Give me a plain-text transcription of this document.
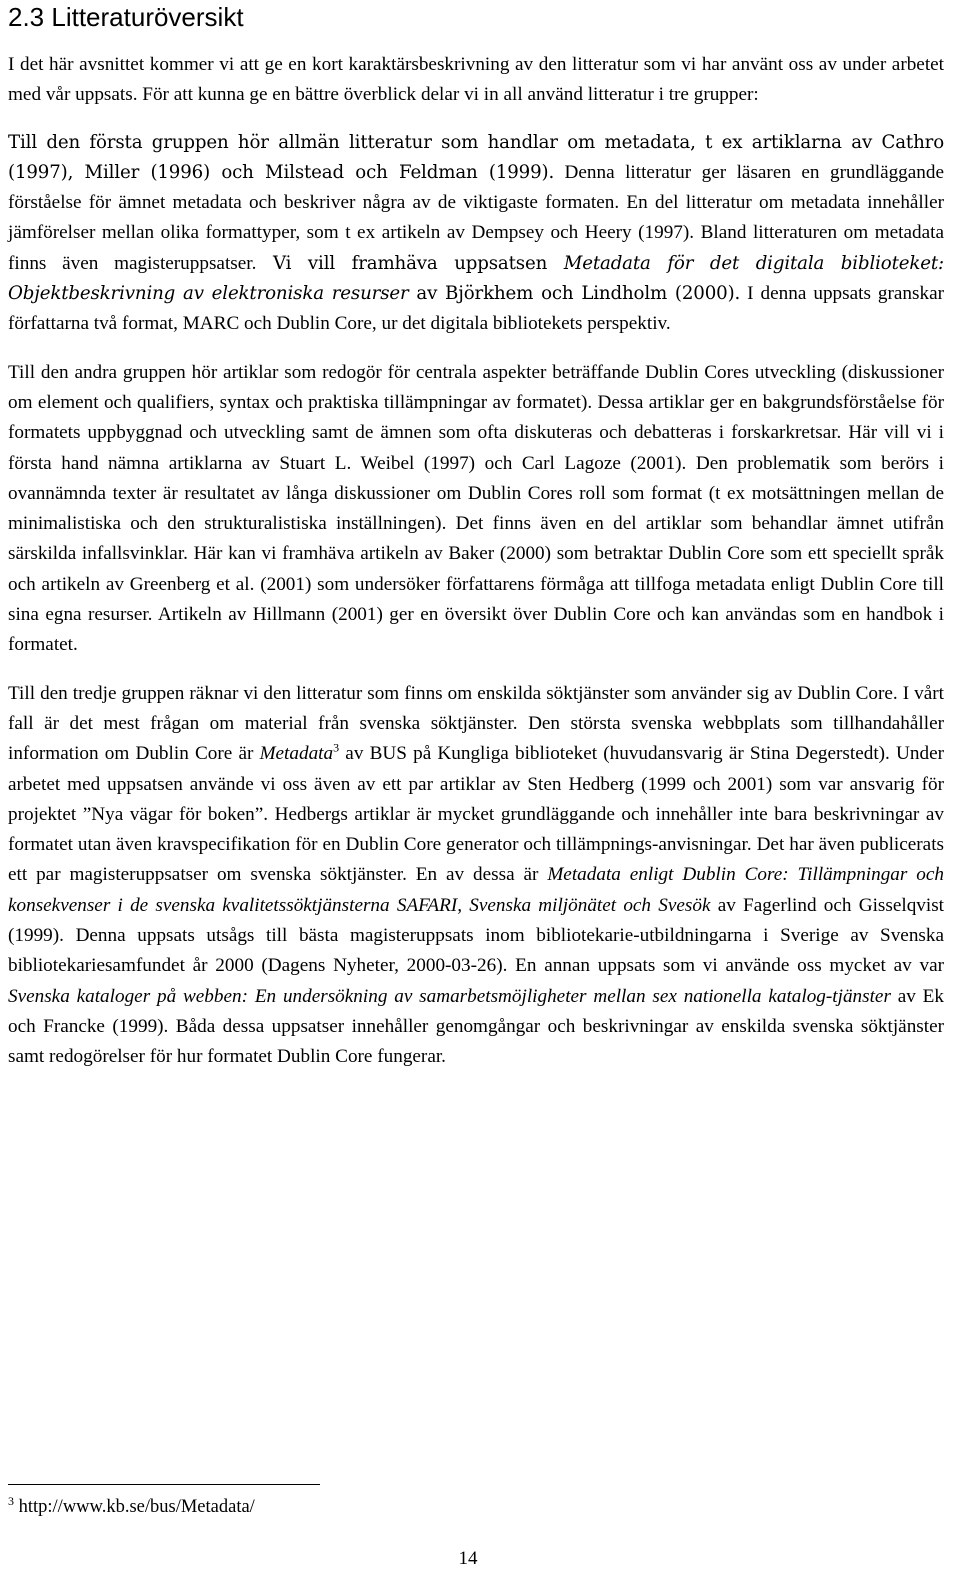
2.3 Litteraturöversikt

I det här avsnittet kommer vi att ge en kort karaktärsbeskrivning av den litteratur som vi har använt oss av under arbetet med vår uppsats. För att kunna ge en bättre överblick delar vi in all använd litteratur i tre grupper:

Till den första gruppen hör allmän litteratur som handlar om metadata, t ex artiklarna av Cathro (1997), Miller (1996) och Milstead och Feldman (1999). Denna litteratur ger läsaren en grundläggande förståelse för ämnet metadata och beskriver några av de viktigaste formaten. En del litteratur om metadata innehåller jämförelser mellan olika formattyper, som t ex artikeln av Dempsey och Heery (1997). Bland litteraturen om metadata finns även magisteruppsatser. Vi vill framhäva uppsatsen Metadata för det digitala biblioteket: Objektbeskrivning av elektroniska resurser av Björkhem och Lindholm (2000). I denna uppsats granskar författarna två format, MARC och Dublin Core, ur det digitala bibliotekets perspektiv.

Till den andra gruppen hör artiklar som redogör för centrala aspekter beträffande Dublin Cores utveckling (diskussioner om element och qualifiers, syntax och praktiska tillämpningar av formatet). Dessa artiklar ger en bakgrundsförståelse för formatets uppbyggnad och utveckling samt de ämnen som ofta diskuteras och debatteras i forskarkretsar. Här vill vi i första hand nämna artiklarna av Stuart L. Weibel (1997) och Carl Lagoze (2001). Den problematik som berörs i ovannämnda texter är resultatet av långa diskussioner om Dublin Cores roll som format (t ex motsättningen mellan de minimalistiska och den strukturalistiska inställningen). Det finns även en del artiklar som behandlar ämnet utifrån särskilda infallsvinklar. Här kan vi framhäva artikeln av Baker (2000) som betraktar Dublin Core som ett speciellt språk och artikeln av Greenberg et al. (2001) som undersöker författarens förmåga att tillfoga metadata enligt Dublin Core till sina egna resurser. Artikeln av Hillmann (2001) ger en översikt över Dublin Core och kan användas som en handbok i formatet.

Till den tredje gruppen räknar vi den litteratur som finns om enskilda söktjänster som använder sig av Dublin Core. I vårt fall är det mest frågan om material från svenska söktjänster. Den största svenska webbplats som tillhandahåller information om Dublin Core är Metadata$^3$ av BUS på Kungliga biblioteket (huvudansvarig är Stina Degerstedt). Under arbetet med uppsatsen använde vi oss även av ett par artiklar av Sten Hedberg (1999 och 2001) som var ansvarig för projektet ”Nya vägar för boken”. Hedbergs artiklar är mycket grundläggande och innehåller inte bara beskrivningar av formatet utan även kravspecifikation för en Dublin Core generator och tillämpnings-anvisningar. Det har även publicerats ett par magisteruppsatser om svenska söktjänster. En av dessa är Metadata enligt Dublin Core: Tillämpningar och konsekvenser i de svenska kvalitetssöktjänsterna SAFARI, Svenska miljönätet och Svesök av Fagerlind och Gisselqvist (1999). Denna uppsats utsågs till bästa magisteruppsats inom bibliotekarie-utbildningarna i Sverige av Svenska bibliotekariesamfundet år 2000 (Dagens Nyheter, 2000-03-26). En annan uppsats som vi använde oss mycket av var Svenska kataloger på webben: En undersökning av samarbetsmöjligheter mellan sex nationella katalog-tjänster av Ek och Francke (1999). Båda dessa uppsatser innehåller genomgångar och beskrivningar av enskilda svenska söktjänster samt redogörelser för hur formatet Dublin Core fungerar.

$^3$ http://www.kb.se/bus/Metadata/
14
